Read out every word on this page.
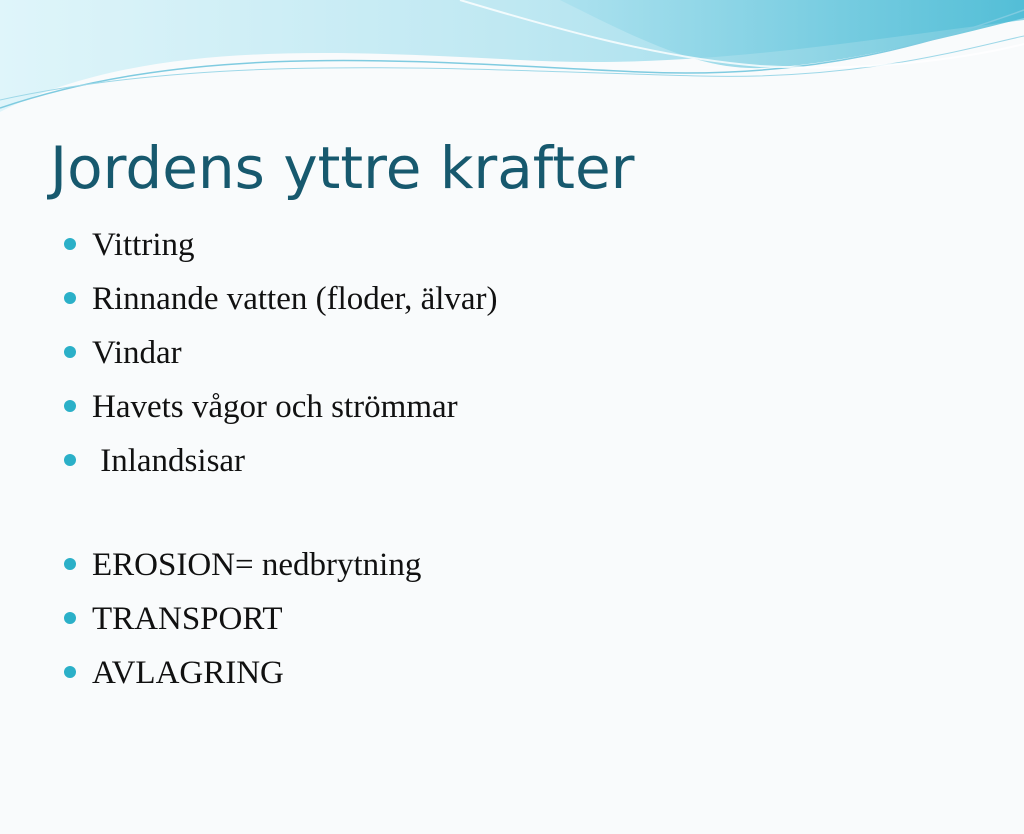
Jordens yttre krafter

Vittring

Rinnande vatten (floder, älvar)

Vindar

Havets vågor och strömmar

Inlandsisar

EROSION= nedbrytning

TRANSPORT

AVLAGRING
